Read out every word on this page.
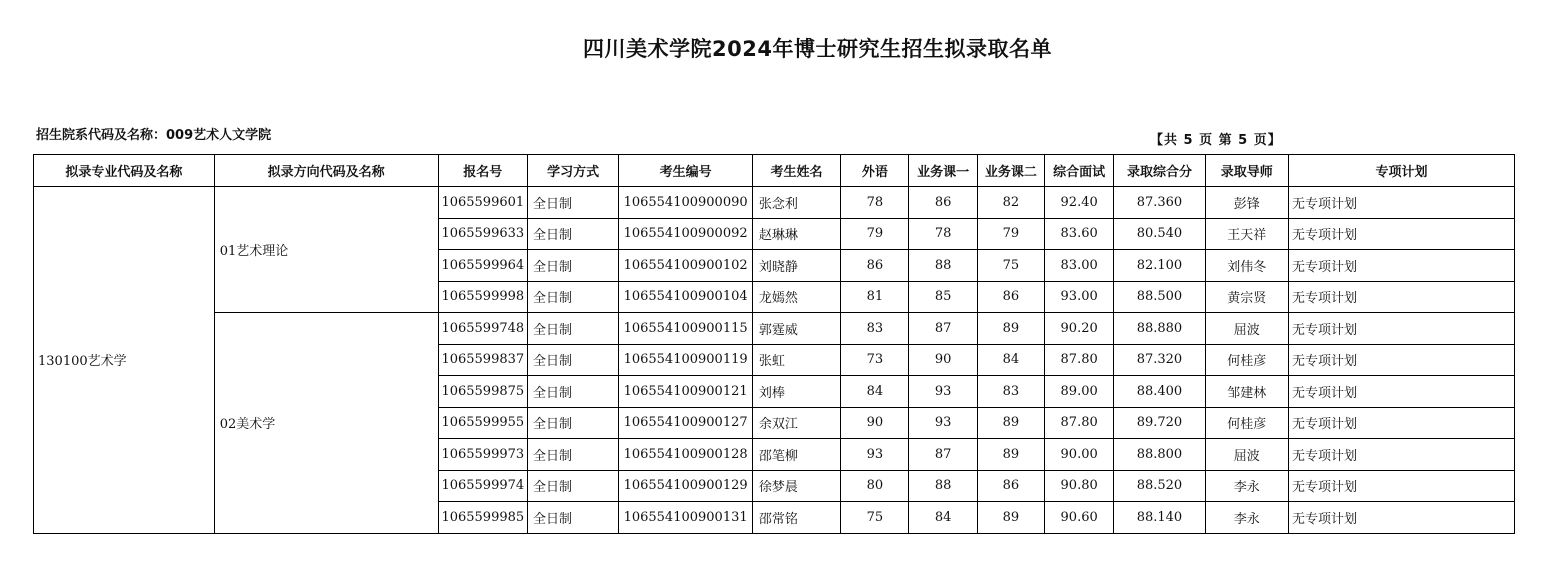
四川美术学院2024年博士研究生招生拟录取名单
招生院系代码及名称：009艺术人文学院	【共 5 页 第 5 页】
拟录专业代码及名称	拟录方向代码及名称	报名号	学习方式	考生编号	考生姓名	外语	业务课一	业务课二	综合面试	录取综合分	录取导师	专项计划
130100艺术学	01艺术理论	1065599601	全日制	106554100900090	张念利	78	86	82	92.40	87.360	彭锋	无专项计划
		1065599633	全日制	106554100900092	赵琳琳	79	78	79	83.60	80.540	王天祥	无专项计划
		1065599964	全日制	106554100900102	刘晓静	86	88	75	83.00	82.100	刘伟冬	无专项计划
		1065599998	全日制	106554100900104	龙嫣然	81	85	86	93.00	88.500	黄宗贤	无专项计划
	02美术学	1065599748	全日制	106554100900115	郭霆威	83	87	89	90.20	88.880	屈波	无专项计划
		1065599837	全日制	106554100900119	张虹	73	90	84	87.80	87.320	何桂彦	无专项计划
		1065599875	全日制	106554100900121	刘棒	84	93	83	89.00	88.400	邹建林	无专项计划
		1065599955	全日制	106554100900127	余双江	90	93	89	87.80	89.720	何桂彦	无专项计划
		1065599973	全日制	106554100900128	邵笔柳	93	87	89	90.00	88.800	屈波	无专项计划
		1065599974	全日制	106554100900129	徐梦晨	80	88	86	90.80	88.520	李永	无专项计划
		1065599985	全日制	106554100900131	邵常铭	75	84	89	90.60	88.140	李永	无专项计划
